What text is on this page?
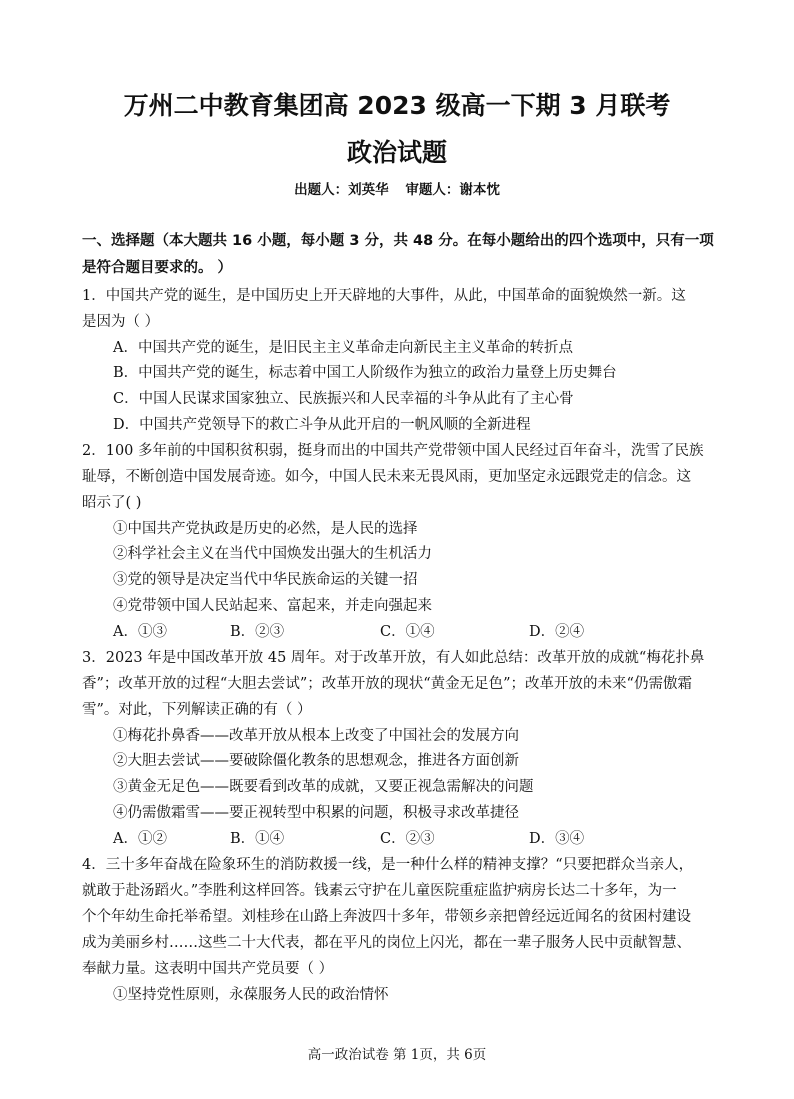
万州二中教育集团高 2023 级高一下期 3 月联考
政治试题
出题人：刘英华 审题人：谢本忱
一、选择题（本大题共 16 小题，每小题 3 分，共 48 分。在每小题给出的四个选项中，只有一项
是符合题目要求的。 ）
1．中国共产党的诞生，是中国历史上开天辟地的大事件，从此，中国革命的面貌焕然一新。这
是因为（ ）
A．中国共产党的诞生，是旧民主主义革命走向新民主主义革命的转折点
B．中国共产党的诞生，标志着中国工人阶级作为独立的政治力量登上历史舞台
C．中国人民谋求国家独立、民族振兴和人民幸福的斗争从此有了主心骨
D．中国共产党领导下的救亡斗争从此开启的一帆风顺的全新进程
2．100 多年前的中国积贫积弱，挺身而出的中国共产党带领中国人民经过百年奋斗，洗雪了民族
耻辱，不断创造中国发展奇迹。如今，中国人民未来无畏风雨，更加坚定永远跟党走的信念。这
昭示了( )
①中国共产党执政是历史的必然，是人民的选择
②科学社会主义在当代中国焕发出强大的生机活力
③党的领导是决定当代中华民族命运的关键一招
④党带领中国人民站起来、富起来，并走向强起来
A．①③	B．②③	C．①④	D．②④
3．2023 年是中国改革开放 45 周年。对于改革开放，有人如此总结：改革开放的成就“梅花扑鼻
香”；改革开放的过程“大胆去尝试”；改革开放的现状“黄金无足色”；改革开放的未来“仍需傲霜
雪”。对此，下列解读正确的有（ ）
①梅花扑鼻香——改革开放从根本上改变了中国社会的发展方向
②大胆去尝试——要破除僵化教条的思想观念，推进各方面创新
③黄金无足色——既要看到改革的成就，又要正视急需解决的问题
④仍需傲霜雪——要正视转型中积累的问题，积极寻求改革捷径
A．①②	B．①④	C．②③	D．③④
4．三十多年奋战在险象环生的消防救援一线，是一种什么样的精神支撑？“只要把群众当亲人，
就敢于赴汤蹈火。”李胜利这样回答。钱素云守护在儿童医院重症监护病房长达二十多年，为一
个个年幼生命托举希望。刘桂珍在山路上奔波四十多年，带领乡亲把曾经远近闻名的贫困村建设
成为美丽乡村……这些二十大代表，都在平凡的岗位上闪光，都在一辈子服务人民中贡献智慧、
奉献力量。这表明中国共产党员要（ ）
①坚持党性原则，永葆服务人民的政治情怀
高一政治试卷 第 1页，共 6页
